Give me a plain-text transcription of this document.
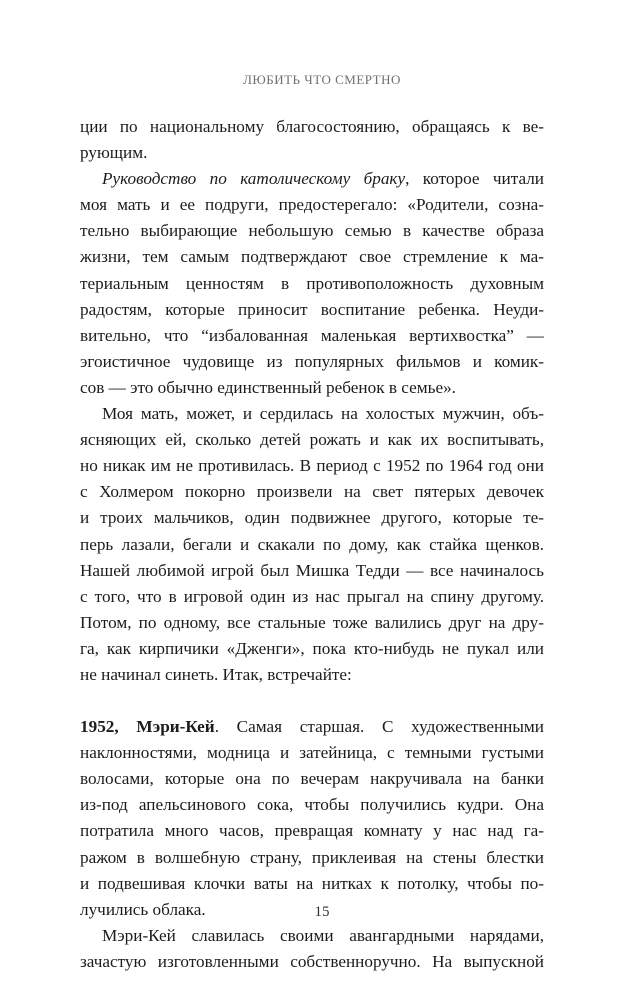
ЛЮБИТЬ ЧТО СМЕРТНО
ции по национальному благосостоянию, обращаясь к ве-
рующим.
Руководство по католическому браку, которое читали
моя мать и ее подруги, предостерегало: «Родители, созна-
тельно выбирающие небольшую семью в качестве образа
жизни, тем самым подтверждают свое стремление к ма-
териальным ценностям в противоположность духовным
радостям, которые приносит воспитание ребенка. Неуди-
вительно, что “избалованная маленькая вертихвостка” —
эгоистичное чудовище из популярных фильмов и комик-
сов — это обычно единственный ребенок в семье».
Моя мать, может, и сердилась на холостых мужчин, объ-
ясняющих ей, сколько детей рожать и как их воспитывать,
но никак им не противилась. В период с 1952 по 1964 год они
с Холмером покорно произвели на свет пятерых девочек
и троих мальчиков, один подвижнее другого, которые те-
перь лазали, бегали и скакали по дому, как стайка щенков.
Нашей любимой игрой был Мишка Тедди — все начиналось
с того, что в игровой один из нас прыгал на спину другому.
Потом, по одному, все стальные тоже валились друг на дру-
га, как кирпичики «Дженги», пока кто-нибудь не пукал или
не начинал синеть. Итак, встречайте:
1952, Мэри-Кей. Самая старшая. С художественными
наклонностями, модница и затейница, с темными густыми
волосами, которые она по вечерам накручивала на банки
из-под апельсинового сока, чтобы получились кудри. Она
потратила много часов, превращая комнату у нас над га-
ражом в волшебную страну, приклеивая на стены блестки
и подвешивая клочки ваты на нитках к потолку, чтобы по-
лучились облака.
Мэри-Кей славилась своими авангардными нарядами,
зачастую изготовленными собственноручно. На выпускной
15
